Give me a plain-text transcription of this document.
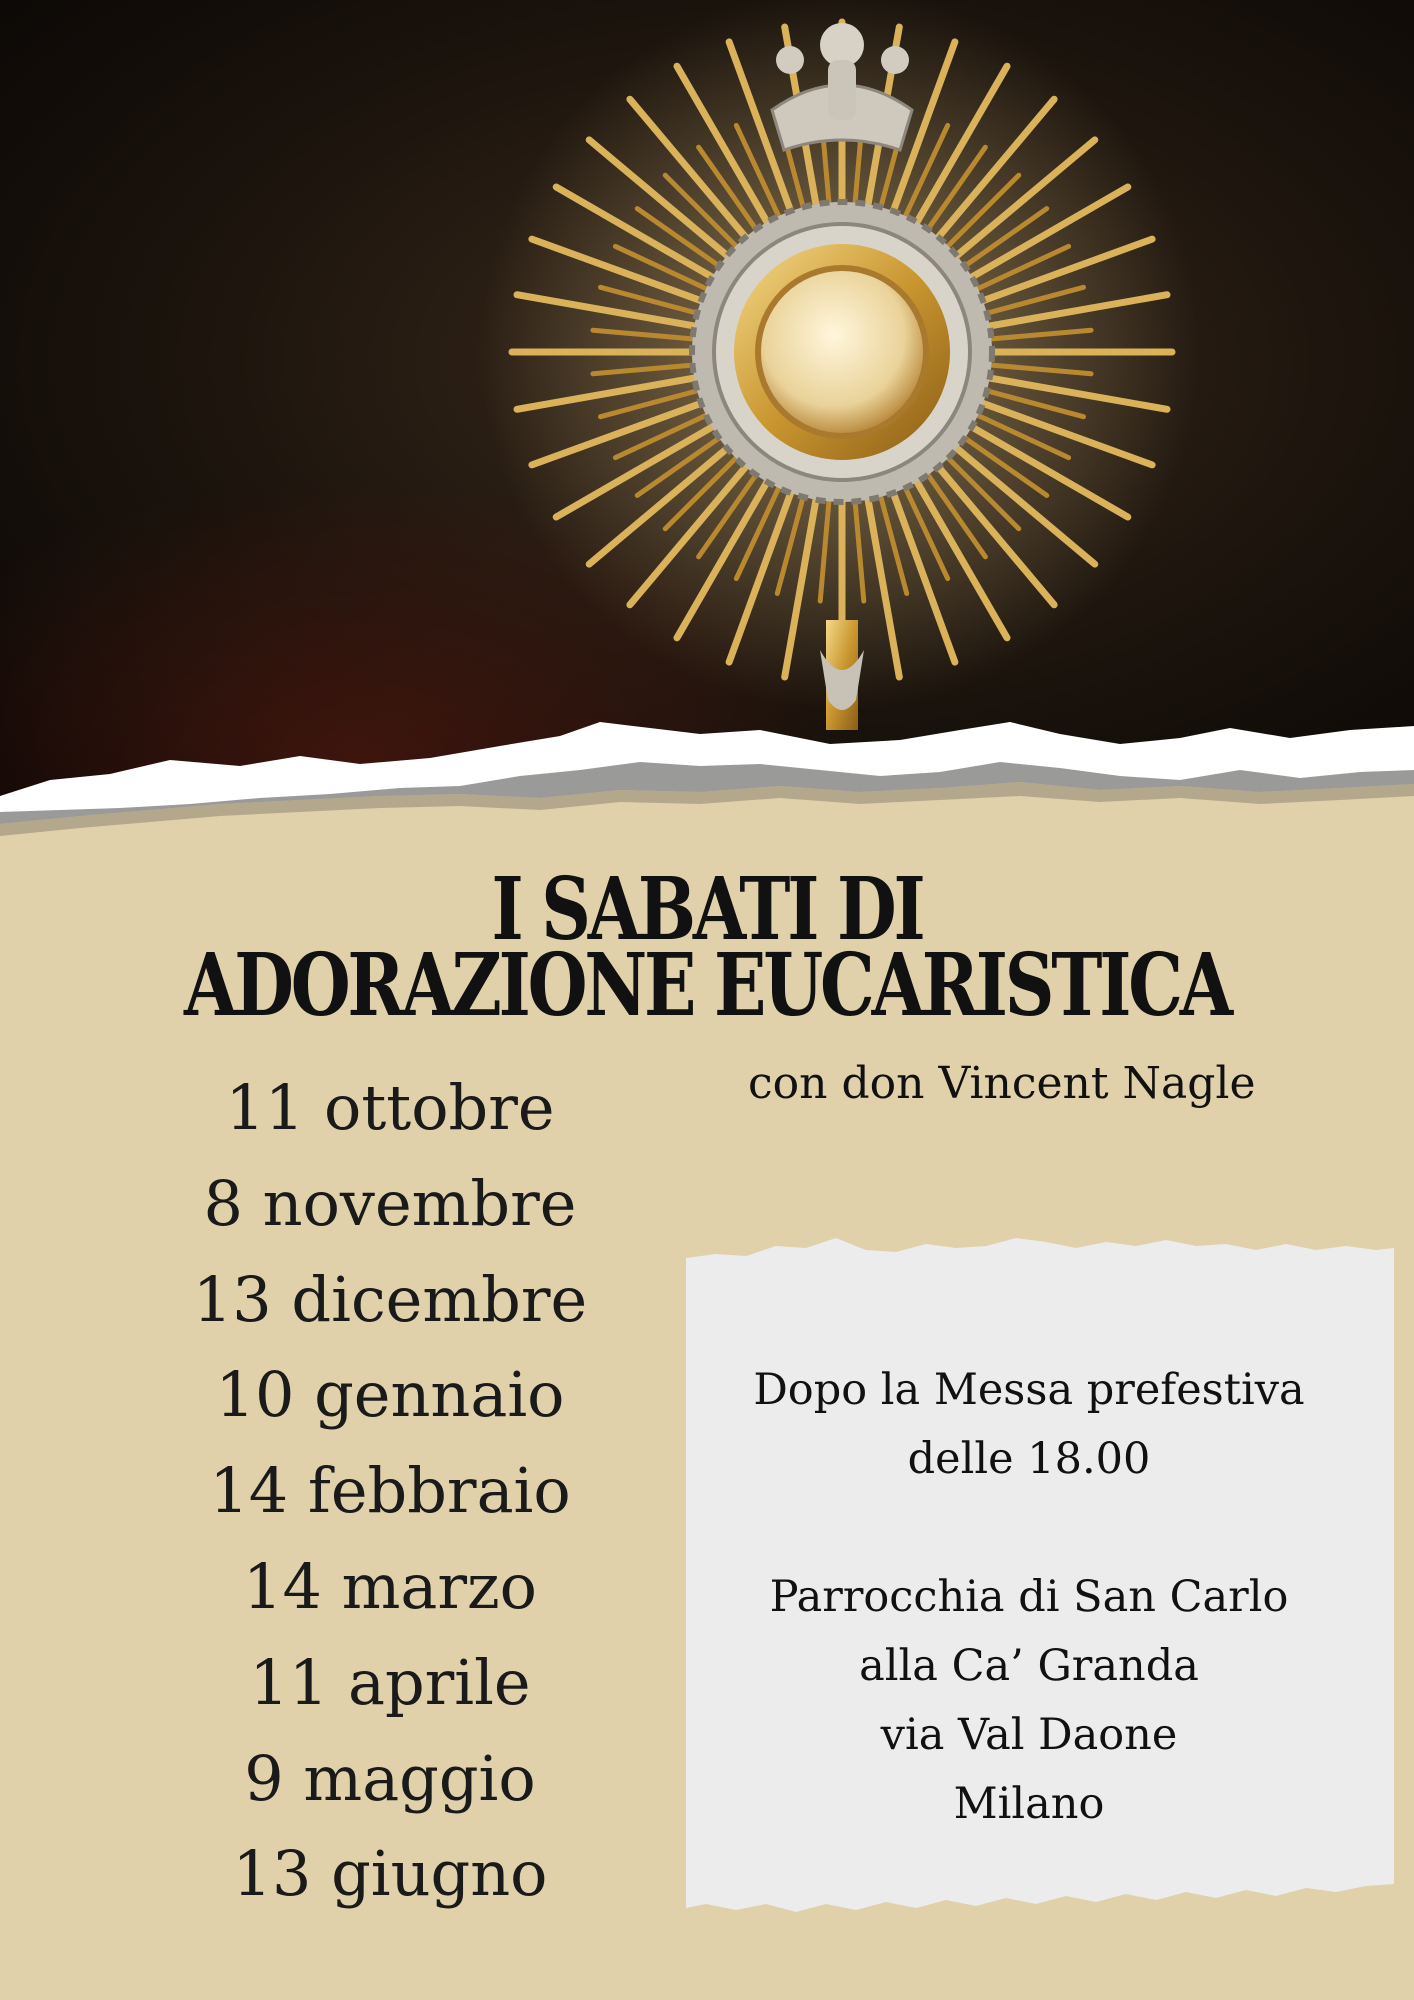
I SABATI DI
ADORAZIONE EUCARISTICA
con don Vincent Nagle
11 ottobre
8 novembre
13 dicembre
10 gennaio
14 febbraio
14 marzo
11 aprile
9 maggio
13 giugno
Dopo la Messa prefestiva
delle 18.00
Parrocchia di San Carlo
alla Ca’ Granda
via Val Daone
Milano
